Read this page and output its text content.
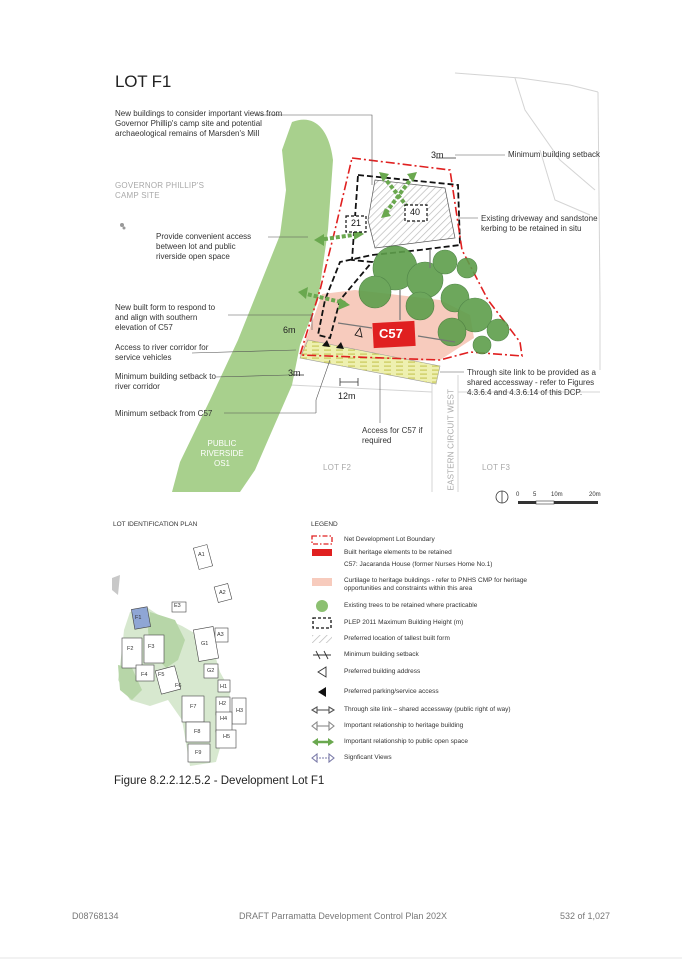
LOT F1
New buildings to consider important views from Governor Phillip's camp site and potential archaeological remains of Marsden's Mill
Provide convenient access between lot and public riverside open space
New built form to respond to and align with southern elevation of C57
Access to river corridor for service vehicles
Minimum building setback to river corridor
Minimum setback from C57
Minimum building setback
Existing driveway and sandstone kerbing to be retained in situ
Through site link to be provided as a shared accessway - refer to Figures 4.3.6.4 and 4.3.6.14 of this DCP.
Access for C57 if required
GOVERNOR PHILLIP'S CAMP SITE
PARRAMATTA RIVER
PUBLIC RIVERSIDE OS1	LOT F2	LOT F3
EASTERN CIRCUIT WEST
C57
21
40
3m
6m
3m
12m
0 5 10m	20m
LOT IDENTIFICATION PLAN
A1
A2
E3
A3
F1
F2	F3	G1
F4 F5
G2
F6	H1
F7	H2
H3
H4
F8
H5
F9
LEGEND
Net Development Lot Boundary
Built heritage elements to be retained
C57: Jacaranda House (former Nurses Home No.1)
Curtilage to heritage buildings - refer to PNHS CMP for heritage opportunities and constraints within this area
Existing trees to be retained where practicable
PLEP 2011 Maximum Building Height (m)
Preferred location of tallest built form
Minimum building setback
Preferred building address
Preferred parking/service access
Through site link – shared accessway (public right of way)
Important relationship to heritage building
Important relationship to public open space
Signficant Views
Figure 8.2.2.12.5.2 - Development Lot F1
D08768134	DRAFT Parramatta Development Control Plan 202X	532 of 1,027
